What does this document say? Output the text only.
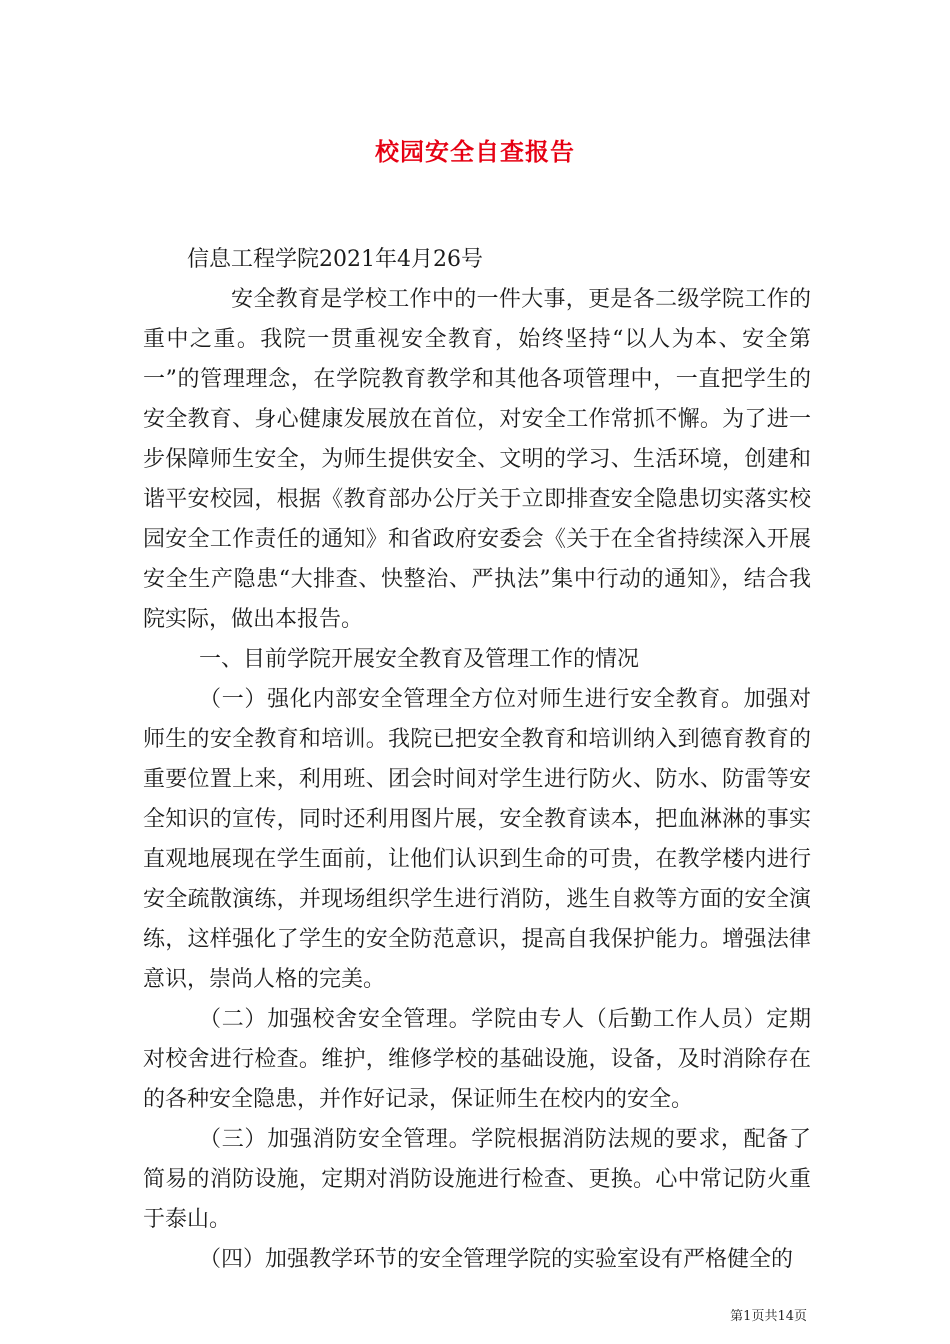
校园安全自查报告

信息工程学院2021年4月26号

安全教育是学校工作中的一件大事，更是各二级学院工作的重中之重。我院一贯重视安全教育，始终坚持“以人为本、安全第一”的管理理念，在学院教育教学和其他各项管理中，一直把学生的安全教育、身心健康发展放在首位，对安全工作常抓不懈。为了进一步保障师生安全，为师生提供安全、文明的学习、生活环境，创建和谐平安校园，根据《教育部办公厅关于立即排查安全隐患切实落实校园安全工作责任的通知》和省政府安委会《关于在全省持续深入开展安全生产隐患“大排查、快整治、严执法”集中行动的通知》，结合我院实际，做出本报告。

一、目前学院开展安全教育及管理工作的情况

（一）强化内部安全管理全方位对师生进行安全教育。加强对师生的安全教育和培训。我院已把安全教育和培训纳入到德育教育的重要位置上来，利用班、团会时间对学生进行防火、防水、防雷等安全知识的宣传，同时还利用图片展，安全教育读本，把血淋淋的事实直观地展现在学生面前，让他们认识到生命的可贵，在教学楼内进行安全疏散演练，并现场组织学生进行消防，逃生自救等方面的安全演练，这样强化了学生的安全防范意识，提高自我保护能力。增强法律意识，崇尚人格的完美。

（二）加强校舍安全管理。学院由专人（后勤工作人员）定期对校舍进行检查。维护，维修学校的基础设施，设备，及时消除存在的各种安全隐患，并作好记录，保证师生在校内的安全。

（三）加强消防安全管理。学院根据消防法规的要求，配备了简易的消防设施，定期对消防设施进行检查、更换。心中常记防火重于泰山。

（四）加强教学环节的安全管理学院的实验室设有严格健全的

第1页共14页
